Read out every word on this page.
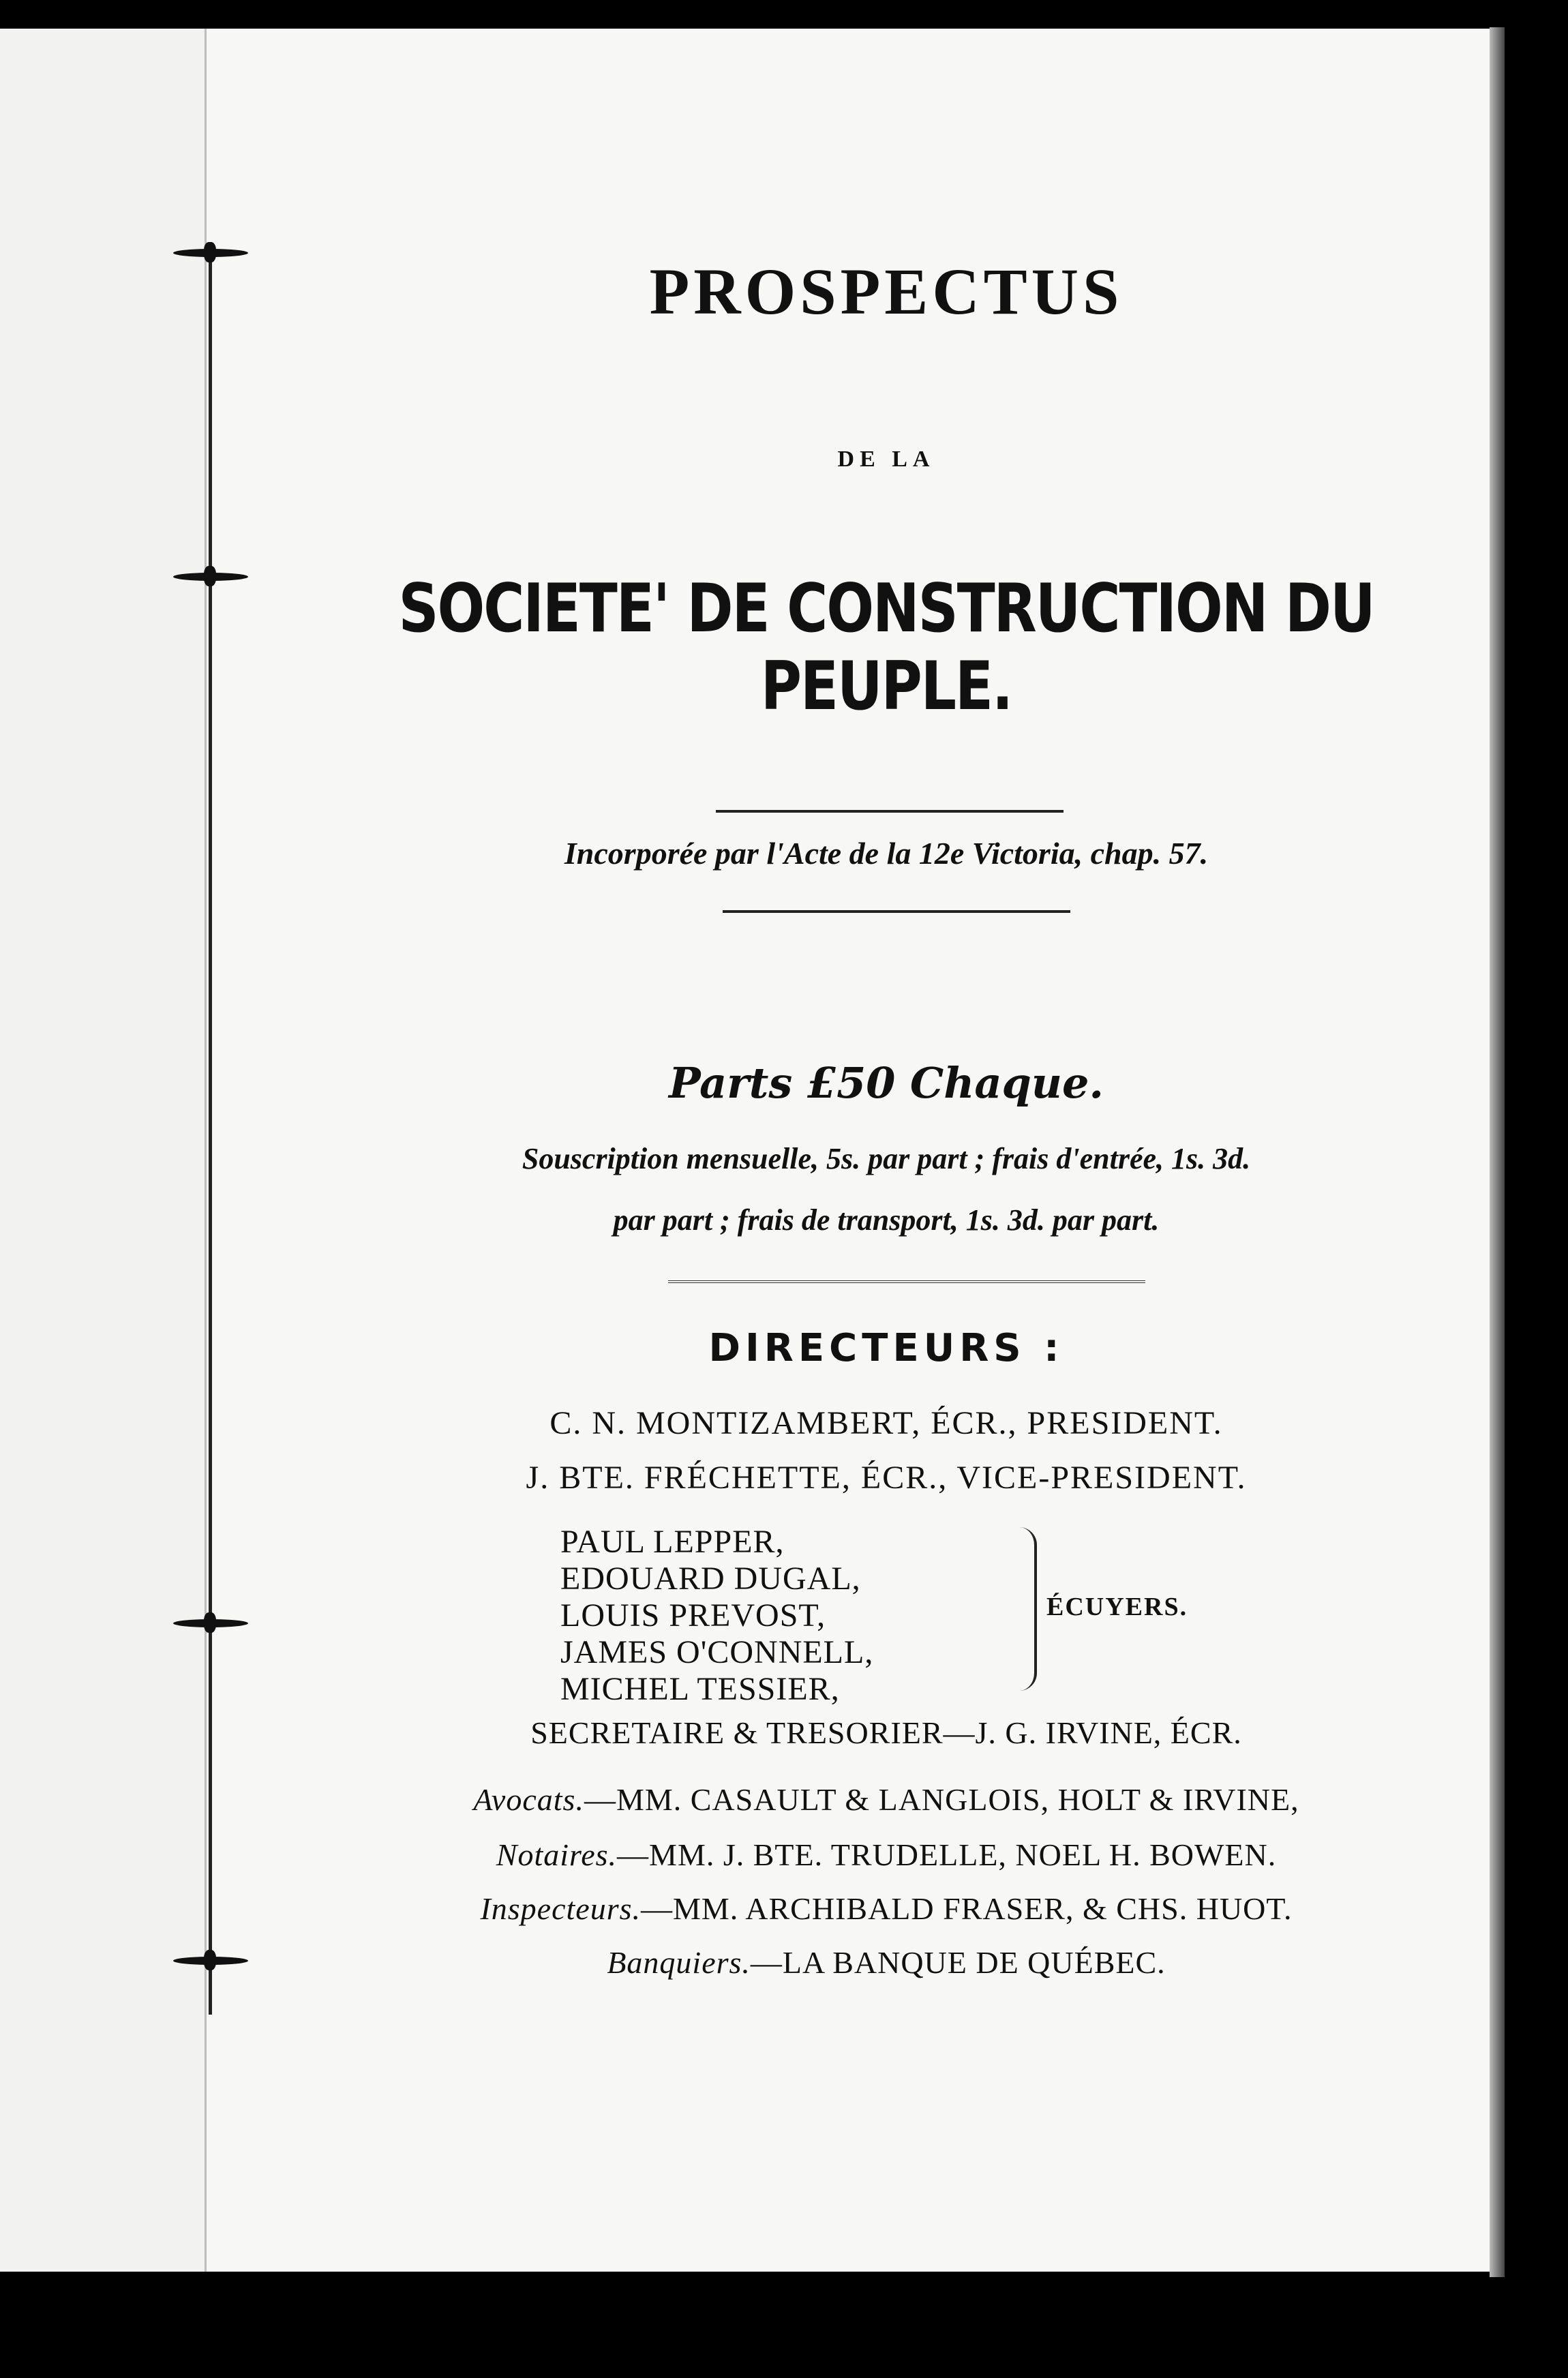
PROSPECTUS
DE LA
SOCIETE' DE CONSTRUCTION DU PEUPLE.
Incorporée par l'Acte de la 12e Victoria, chap. 57.
Parts £50 Chaque.
Souscription mensuelle, 5s. par part ; frais d'entrée, 1s. 3d.
par part ; frais de transport, 1s. 3d. par part.
DIRECTEURS :
C. N. MONTIZAMBERT, ÉCR., PRESIDENT.
J. BTE. FRÉCHETTE, ÉCR., VICE-PRESIDENT.
PAUL LEPPER,
EDOUARD DUGAL,
LOUIS PREVOST,
JAMES O'CONNELL,
MICHEL TESSIER,
ÉCUYERS.
SECRETAIRE & TRESORIER—J. G. IRVINE, ÉCR.
Avocats.—MM. CASAULT & LANGLOIS, HOLT & IRVINE,
Notaires.—MM. J. BTE. TRUDELLE, NOEL H. BOWEN.
Inspecteurs.—MM. ARCHIBALD FRASER, & CHS. HUOT.
Banquiers.—LA BANQUE DE QUÉBEC.
